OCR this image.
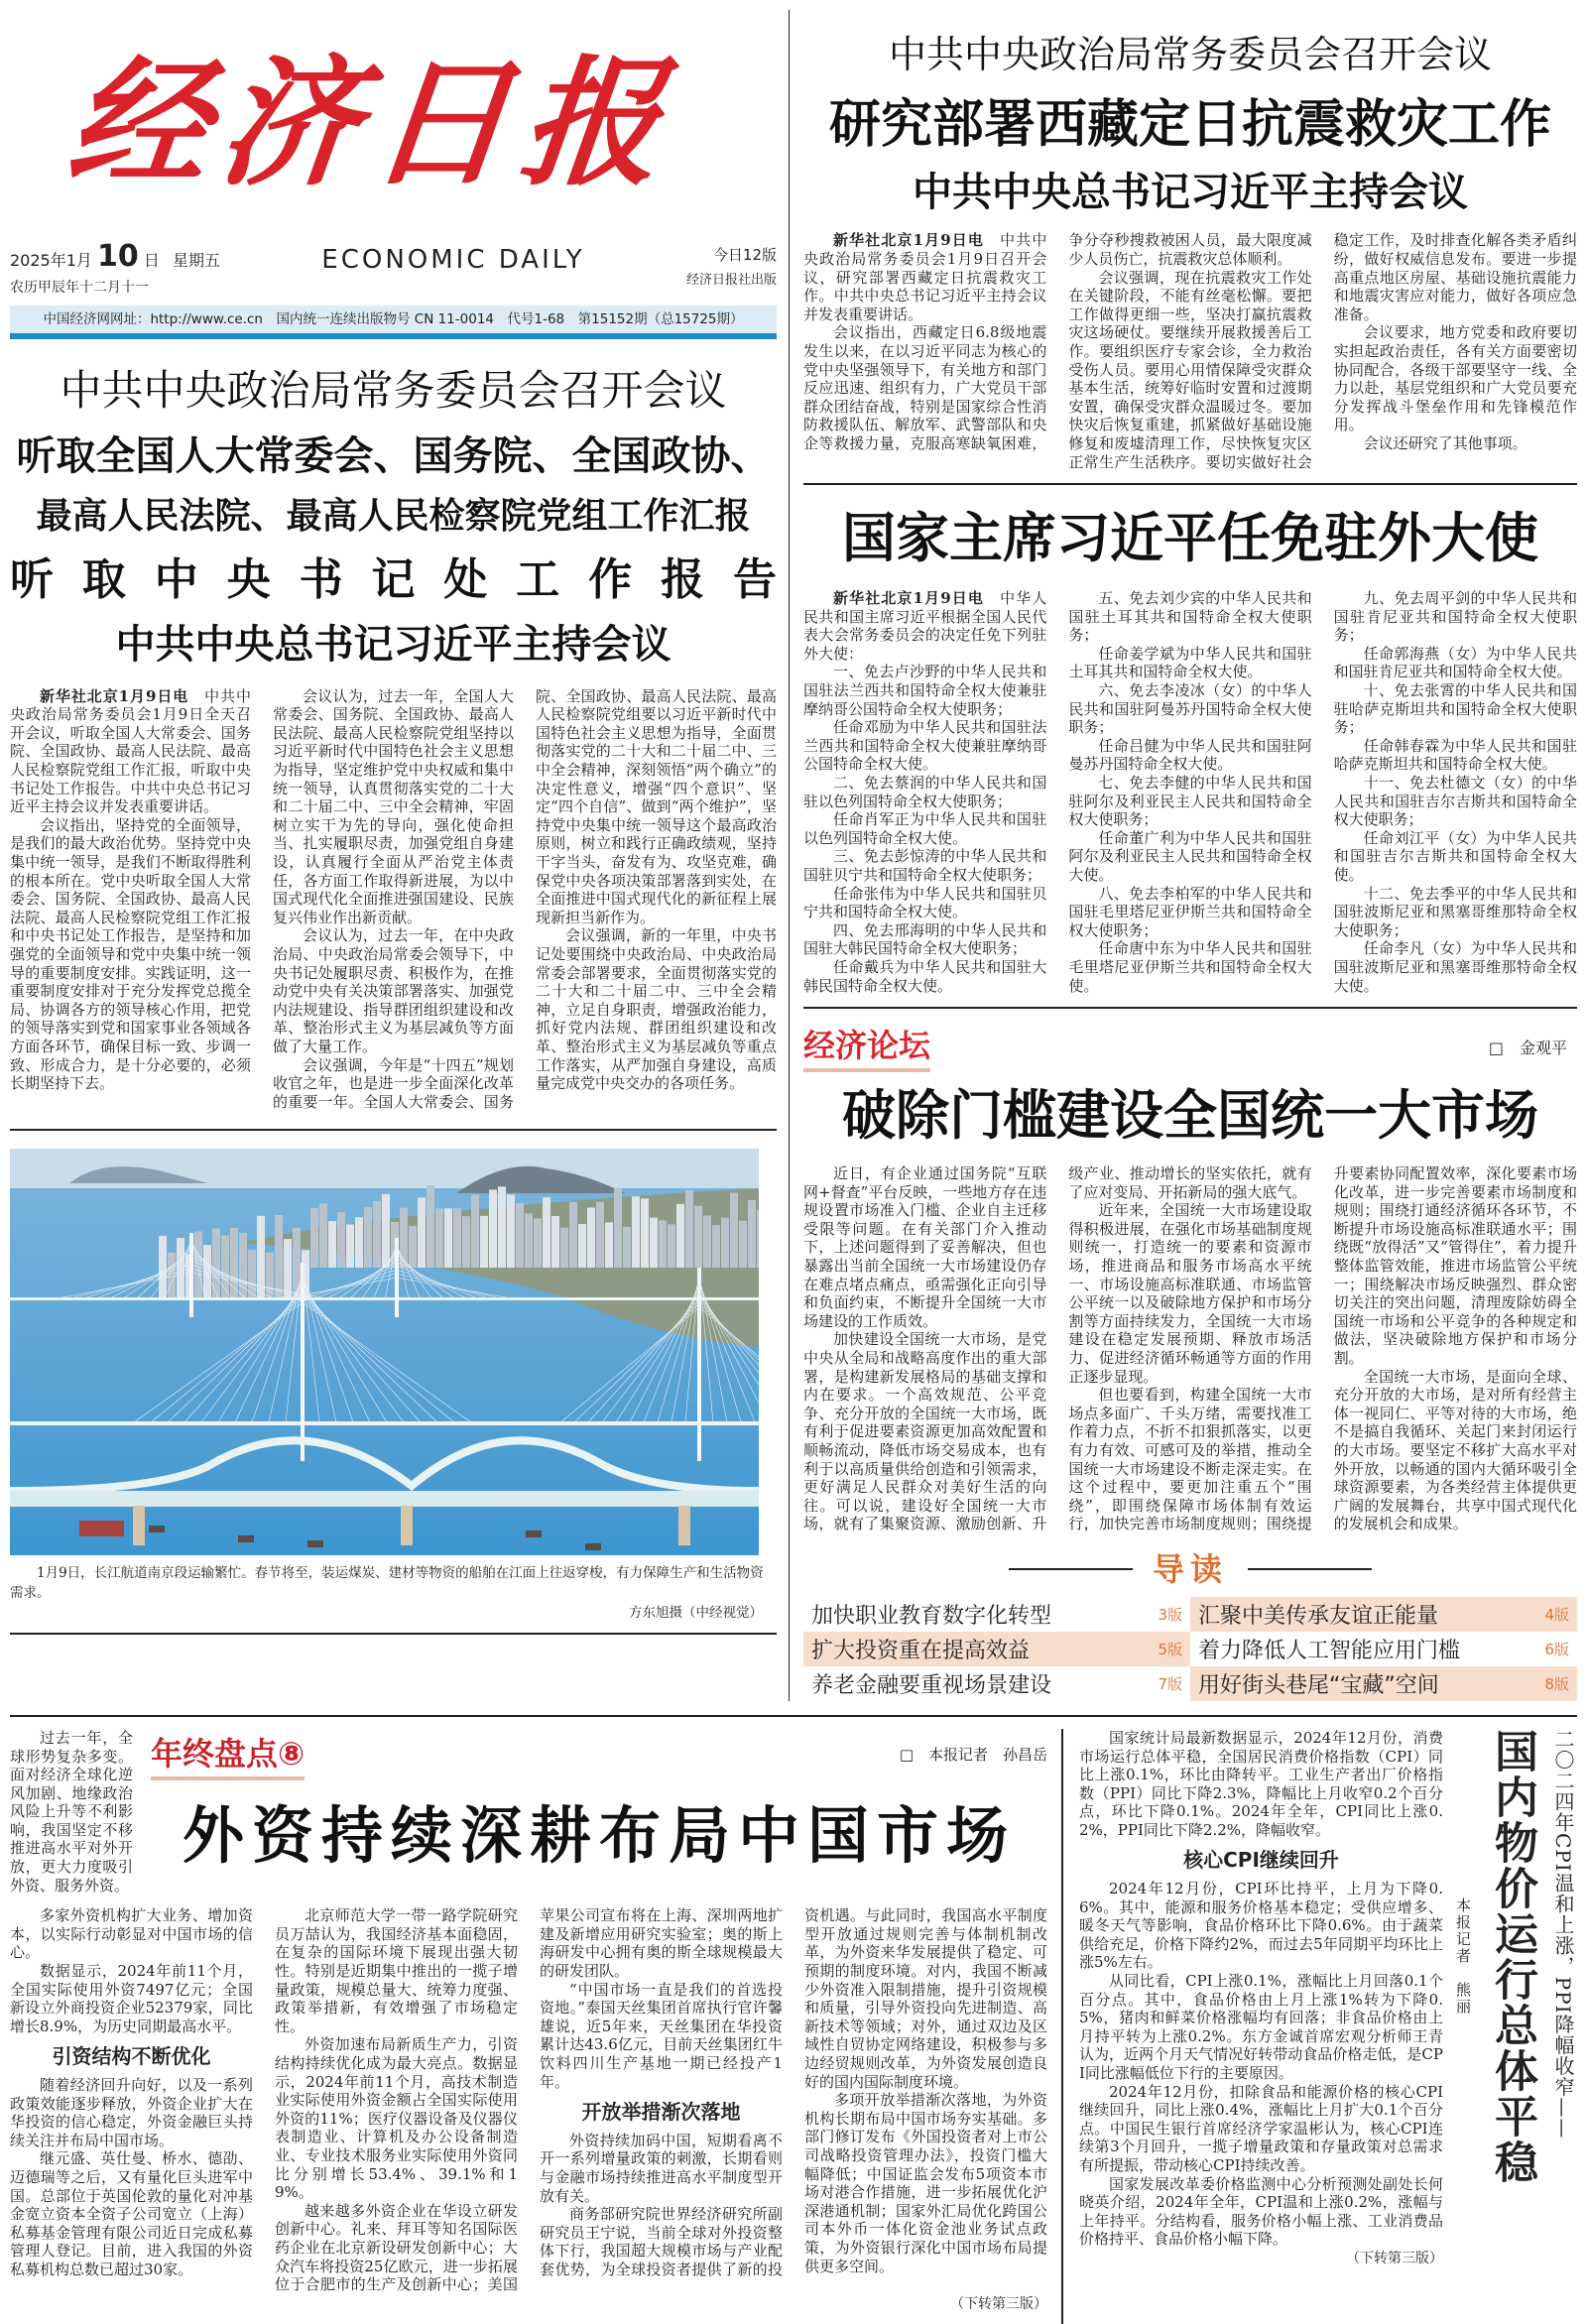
经济日报
2025年1月 10 日 星期五
农历甲辰年十二月十一
ECONOMIC DAILY	今日12版
经济日报社出版
中国经济网网址：http://www.ce.cn　国内统一连续出版物号 CN 11-0014　代号1-68　第15152期（总15725期）
中共中央政治局常务委员会召开会议
听取全国人大常委会、国务院、全国政协、
最高人民法院、最高人民检察院党组工作汇报
听取中央书记处工作报告
中共中央总书记习近平主持会议

新华社北京1月9日电　中共中央政治局常务委员会1月9日全天召开会议，听取全国人大常委会、国务院、全国政协、最高人民法院、最高人民检察院党组工作汇报，听取中央书记处工作报告。中共中央总书记习近平主持会议并发表重要讲话。

会议指出，坚持党的全面领导，是我们的最大政治优势。坚持党中央集中统一领导，是我们不断取得胜利的根本所在。党中央听取全国人大常委会、国务院、全国政协、最高人民法院、最高人民检察院党组工作汇报和中央书记处工作报告，是坚持和加强党的全面领导和党中央集中统一领导的重要制度安排。实践证明，这一重要制度安排对于充分发挥党总揽全局、协调各方的领导核心作用，把党的领导落实到党和国家事业各领域各方面各环节，确保目标一致、步调一致、形成合力，是十分必要的，必须长期坚持下去。

会议认为，过去一年，全国人大常委会、国务院、全国政协、最高人民法院、最高人民检察院党组坚持以习近平新时代中国特色社会主义思想为指导，坚定维护党中央权威和集中统一领导，认真贯彻落实党的二十大和二十届二中、三中全会精神，牢固树立实干为先的导向，强化使命担当、扎实履职尽责，加强党组自身建设，认真履行全面从严治党主体责任，各方面工作取得新进展，为以中国式现代化全面推进强国建设、民族复兴伟业作出新贡献。

会议认为，过去一年，在中央政治局、中央政治局常委会领导下，中央书记处履职尽责、积极作为，在推动党中央有关决策部署落实、加强党内法规建设、指导群团组织建设和改革、整治形式主义为基层减负等方面做了大量工作。

会议强调，今年是“十四五”规划收官之年，也是进一步全面深化改革的重要一年。全国人大常委会、国务院、全国政协、最高人民法院、最高人民检察院党组要以习近平新时代中国特色社会主义思想为指导，全面贯彻落实党的二十大和二十届二中、三中全会精神，深刻领悟“两个确立”的决定性意义，增强“四个意识”、坚定“四个自信”、做到“两个维护”，坚持党中央集中统一领导这个最高政治原则，树立和践行正确政绩观，坚持干字当头，奋发有为、攻坚克难，确保党中央各项决策部署落到实处，在全面推进中国式现代化的新征程上展现新担当新作为。

会议强调，新的一年里，中央书记处要围绕中央政治局、中央政治局常委会部署要求，全面贯彻落实党的二十大和二十届二中、三中全会精神，立足自身职责，增强政治能力，抓好党内法规、群团组织建设和改革、整治形式主义为基层减负等重点工作落实，从严加强自身建设，高质量完成党中央交办的各项任务。

1月9日，长江航道南京段运输繁忙。春节将至，装运煤炭、建材等物资的船舶在江面上往返穿梭，有力保障生产和生活物资需求。
方东旭摄（中经视觉）
中共中央政治局常务委员会召开会议
研究部署西藏定日抗震救灾工作
中共中央总书记习近平主持会议

新华社北京1月9日电　中共中央政治局常务委员会1月9日召开会议，研究部署西藏定日抗震救灾工作。中共中央总书记习近平主持会议并发表重要讲话。

会议指出，西藏定日6.8级地震发生以来，在以习近平同志为核心的党中央坚强领导下，有关地方和部门反应迅速、组织有力，广大党员干部群众团结奋战，特别是国家综合性消防救援队伍、解放军、武警部队和央企等救援力量，克服高寒缺氧困难，争分夺秒搜救被困人员，最大限度减少人员伤亡，抗震救灾总体顺利。

会议强调，现在抗震救灾工作处在关键阶段，不能有丝毫松懈。要把工作做得更细一些，坚决打赢抗震救灾这场硬仗。要继续开展救援善后工作。要组织医疗专家会诊，全力救治受伤人员。要用心用情保障受灾群众基本生活，统筹好临时安置和过渡期安置，确保受灾群众温暖过冬。要加快灾后恢复重建，抓紧做好基础设施修复和废墟清理工作，尽快恢复灾区正常生产生活秩序。要切实做好社会稳定工作，及时排查化解各类矛盾纠纷，做好权威信息发布。要进一步提高重点地区房屋、基础设施抗震能力和地震灾害应对能力，做好各项应急准备。

会议要求，地方党委和政府要切实担起政治责任，各有关方面要密切协同配合，各级干部要坚守一线、全力以赴，基层党组织和广大党员要充分发挥战斗堡垒作用和先锋模范作用。

会议还研究了其他事项。

国家主席习近平任免驻外大使

新华社北京1月9日电　中华人民共和国主席习近平根据全国人民代表大会常务委员会的决定任免下列驻外大使：

一、免去卢沙野的中华人民共和国驻法兰西共和国特命全权大使兼驻摩纳哥公国特命全权大使职务；

任命邓励为中华人民共和国驻法兰西共和国特命全权大使兼驻摩纳哥公国特命全权大使。

二、免去蔡润的中华人民共和国驻以色列国特命全权大使职务；

任命肖军正为中华人民共和国驻以色列国特命全权大使。

三、免去彭惊涛的中华人民共和国驻贝宁共和国特命全权大使职务；

任命张伟为中华人民共和国驻贝宁共和国特命全权大使。

四、免去邢海明的中华人民共和国驻大韩民国特命全权大使职务；

任命戴兵为中华人民共和国驻大韩民国特命全权大使。

五、免去刘少宾的中华人民共和国驻土耳其共和国特命全权大使职务；

任命姜学斌为中华人民共和国驻土耳其共和国特命全权大使。

六、免去李凌冰（女）的中华人民共和国驻阿曼苏丹国特命全权大使职务；

任命吕健为中华人民共和国驻阿曼苏丹国特命全权大使。

七、免去李健的中华人民共和国驻阿尔及利亚民主人民共和国特命全权大使职务；

任命董广利为中华人民共和国驻阿尔及利亚民主人民共和国特命全权大使。

八、免去李柏军的中华人民共和国驻毛里塔尼亚伊斯兰共和国特命全权大使职务；

任命唐中东为中华人民共和国驻毛里塔尼亚伊斯兰共和国特命全权大使。

九、免去周平剑的中华人民共和国驻肯尼亚共和国特命全权大使职务；

任命郭海燕（女）为中华人民共和国驻肯尼亚共和国特命全权大使。

十、免去张霄的中华人民共和国驻哈萨克斯坦共和国特命全权大使职务；

任命韩春霖为中华人民共和国驻哈萨克斯坦共和国特命全权大使。

十一、免去杜德文（女）的中华人民共和国驻吉尔吉斯共和国特命全权大使职务；

任命刘江平（女）为中华人民共和国驻吉尔吉斯共和国特命全权大使。

十二、免去季平的中华人民共和国驻波斯尼亚和黑塞哥维那特命全权大使职务；

任命李凡（女）为中华人民共和国驻波斯尼亚和黑塞哥维那特命全权大使。

经济论坛	□　金观平
破除门槛建设全国统一大市场

近日，有企业通过国务院“互联网+督查”平台反映，一些地方存在违规设置市场准入门槛、企业自主迁移受限等问题。在有关部门介入推动下，上述问题得到了妥善解决，但也暴露出当前全国统一大市场建设仍存在难点堵点痛点，亟需强化正向引导和负面约束，不断提升全国统一大市场建设的工作质效。

加快建设全国统一大市场，是党中央从全局和战略高度作出的重大部署，是构建新发展格局的基础支撑和内在要求。一个高效规范、公平竞争、充分开放的全国统一大市场，既有利于促进要素资源更加高效配置和顺畅流动，降低市场交易成本，也有利于以高质量供给创造和引领需求，更好满足人民群众对美好生活的向往。可以说，建设好全国统一大市场，就有了集聚资源、激励创新、升级产业、推动增长的坚实依托，就有了应对变局、开拓新局的强大底气。

近年来，全国统一大市场建设取得积极进展，在强化市场基础制度规则统一，打造统一的要素和资源市场，推进商品和服务市场高水平统一、市场设施高标准联通、市场监管公平统一以及破除地方保护和市场分割等方面持续发力，全国统一大市场建设在稳定发展预期、释放市场活力、促进经济循环畅通等方面的作用正逐步显现。

但也要看到，构建全国统一大市场点多面广、千头万绪，需要找准工作着力点，不折不扣狠抓落实，以更有力有效、可感可及的举措，推动全国统一大市场建设不断走深走实。在这个过程中，要更加注重五个“围绕”，即围绕保障市场体制有效运行，加快完善市场制度规则；围绕提升要素协同配置效率，深化要素市场化改革，进一步完善要素市场制度和规则；围绕打通经济循环各环节，不断提升市场设施高标准联通水平；围绕既“放得活”又“管得住”，着力提升整体监管效能，推进市场监管公平统一；围绕解决市场反映强烈、群众密切关注的突出问题，清理废除妨碍全国统一市场和公平竞争的各种规定和做法，坚决破除地方保护和市场分割。

全国统一大市场，是面向全球、充分开放的大市场，是对所有经营主体一视同仁、平等对待的大市场，绝不是搞自我循环、关起门来封闭运行的大市场。要坚定不移扩大高水平对外开放，以畅通的国内大循环吸引全球资源要素，为各类经营主体提供更广阔的发展舞台，共享中国式现代化的发展机会和成果。

导读
加快职业教育数字化转型	3版 汇聚中美传承友谊正能量	4版
扩大投资重在提高效益	5版 着力降低人工智能应用门槛	6版
养老金融要重视场景建设	7版 用好街头巷尾“宝藏”空间	8版

过去一年，全球形势复杂多变。面对经济全球化逆风加剧、地缘政治风险上升等不利影响，我国坚定不移推进高水平对外开放，更大力度吸引外资、服务外资。

年终盘点⑧	□　本报记者　孙昌岳
外资持续深耕布局中国市场

多家外资机构扩大业务、增加资本，以实际行动彰显对中国市场的信心。

数据显示，2024年前11个月，全国实际使用外资7497亿元；全国新设立外商投资企业52379家，同比增长8.9%，为历史同期最高水平。

引资结构不断优化

随着经济回升向好，以及一系列政策效能逐步释放，外资企业扩大在华投资的信心稳定，外资金融巨头持续关注并布局中国市场。

继元盛、英仕曼、桥水、德劭、迈德瑞等之后，又有量化巨头进军中国。总部位于英国伦敦的量化对冲基金宽立资本全资子公司宽立（上海）私募基金管理有限公司近日完成私募管理人登记。目前，进入我国的外资私募机构总数已超过30家。

北京师范大学一带一路学院研究员万喆认为，我国经济基本面稳固，在复杂的国际环境下展现出强大韧性。特别是近期集中推出的一揽子增量政策，规模总量大、统筹力度强、政策举措新，有效增强了市场稳定性。

外资加速布局新质生产力，引资结构持续优化成为最大亮点。数据显示，2024年前11个月，高技术制造业实际使用外资金额占全国实际使用外资的11%；医疗仪器设备及仪器仪表制造业、计算机及办公设备制造业、专业技术服务业实际使用外资同比分别增长53.4%、39.1%和19%。

越来越多外资企业在华设立研发创新中心。礼来、拜耳等知名国际医药企业在北京新设研发创新中心；大众汽车将投资25亿欧元，进一步拓展位于合肥市的生产及创新中心；美国苹果公司宣布将在上海、深圳两地扩建及新增应用研究实验室；奥的斯上海研发中心拥有奥的斯全球规模最大的研发团队。

“中国市场一直是我们的首选投资地。”泰国天丝集团首席执行官许馨雄说，近5年来，天丝集团在华投资累计达43.6亿元，目前天丝集团红牛饮料四川生产基地一期已经投产1年。

开放举措渐次落地

外资持续加码中国，短期看离不开一系列增量政策的刺激，长期看则与金融市场持续推进高水平制度型开放有关。

商务部研究院世界经济研究所副研究员王宁说，当前全球对外投资整体下行，我国超大规模市场与产业配套优势，为全球投资者提供了新的投资机遇。与此同时，我国高水平制度型开放通过规则完善与体制机制改革，为外资来华发展提供了稳定、可预期的制度环境。对内，我国不断减少外资准入限制措施，提升引资规模和质量，引导外资投向先进制造、高新技术等领域；对外，通过双边及区域性自贸协定网络建设，积极参与多边经贸规则改革，为外资发展创造良好的国内国际制度环境。

多项开放举措渐次落地，为外资机构长期布局中国市场夯实基础。多部门修订发布《外国投资者对上市公司战略投资管理办法》，投资门槛大幅降低；中国证监会发布5项资本市场对港合作措施，进一步拓展优化沪深港通机制；国家外汇局优化跨国公司本外币一体化资金池业务试点政策，为外资银行深化中国市场布局提供更多空间。

（下转第三版）

国家统计局最新数据显示，2024年12月份，消费市场运行总体平稳，全国居民消费价格指数（CPI）同比上涨0.1%，环比由降转平。工业生产者出厂价格指数（PPI）同比下降2.3%，降幅比上月收窄0.2个百分点，环比下降0.1%。2024年全年，CPI同比上涨0.2%，PPI同比下降2.2%，降幅收窄。

核心CPI继续回升

2024年12月份，CPI环比持平，上月为下降0.6%。其中，能源和服务价格基本稳定；受供应增多、暖冬天气等影响，食品价格环比下降0.6%。由于蔬菜供给充足，价格下降约2%，而过去5年同期平均环比上涨5%左右。

从同比看，CPI上涨0.1%，涨幅比上月回落0.1个百分点。其中，食品价格由上月上涨1%转为下降0.5%，猪肉和鲜菜价格涨幅均有回落；非食品价格由上月持平转为上涨0.2%。东方金诚首席宏观分析师王青认为，近两个月天气情况好转带动食品价格走低，是CPI同比涨幅低位下行的主要原因。

2024年12月份，扣除食品和能源价格的核心CPI继续回升，同比上涨0.4%，涨幅比上月扩大0.1个百分点。中国民生银行首席经济学家温彬认为，核心CPI连续第3个月回升，一揽子增量政策和存量政策对总需求有所提振，带动核心CPI持续改善。

国家发展改革委价格监测中心分析预测处副处长何晓英介绍，2024年全年，CPI温和上涨0.2%，涨幅与上年持平。分结构看，服务价格小幅上涨、工业消费品价格持平、食品价格小幅下降。

（下转第三版）
本报记者　熊丽 国内物价运行总体平稳 二〇二四年CPI温和上涨，PPI降幅收窄——
